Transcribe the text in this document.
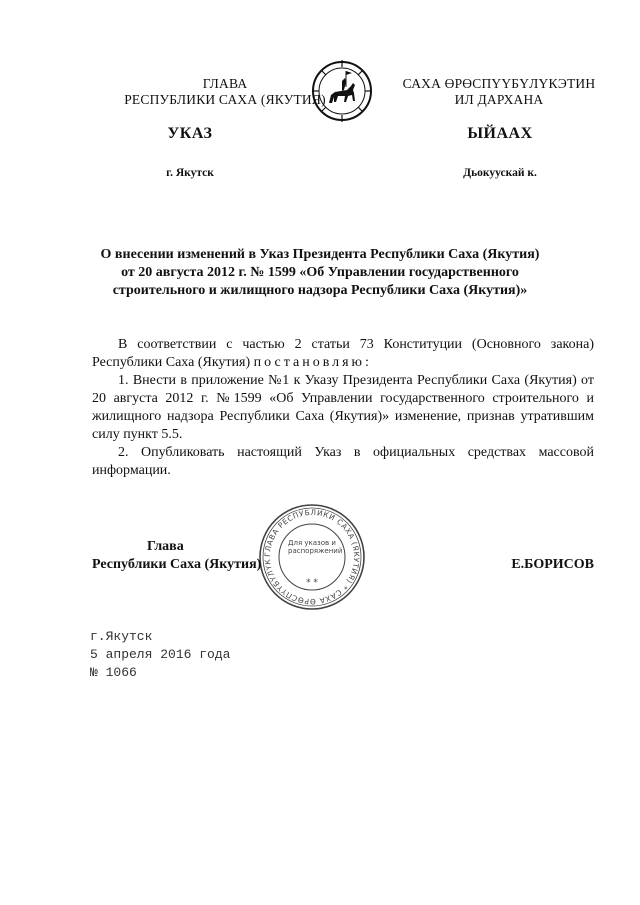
ГЛАВА
РЕСПУБЛИКИ САХА (ЯКУТИЯ)
САХА ӨРӨСПҮҮБҮЛҮКЭТИН
ИЛ ДАРХАНА
УКАЗ	ЫЙААХ
г. Якутск	Дьокуускай к.
О внесении изменений в Указ Президента Республики Саха (Якутия)
от 20 августа 2012 г. № 1599 «Об Управлении государственного
строительного и жилищного надзора Республики Саха (Якутия)»

В соответствии с частью 2 статьи 73 Конституции (Основного закона) Республики Саха (Якутия) постановляю:

1. Внести в приложение №1 к Указу Президента Республики Саха (Якутия) от 20 августа 2012 г. №1599 «Об Управлении государственного строительного и жилищного надзора Республики Саха (Якутия)» изменение, признав утратившим силу пункт 5.5.

2. Опубликовать настоящий Указ в официальных средствах массовой информации.

ГЛАВА РЕСПУБЛИКИ САХА (ЯКУТИЯ) * САХА ӨРӨСПҮҮБҮЛҮК
Для указов и распоряжений
* *
Глава
Республики Саха (Якутия)	Е.БОРИСОВ
г.Якутск
5 апреля 2016 года
№ 1066
